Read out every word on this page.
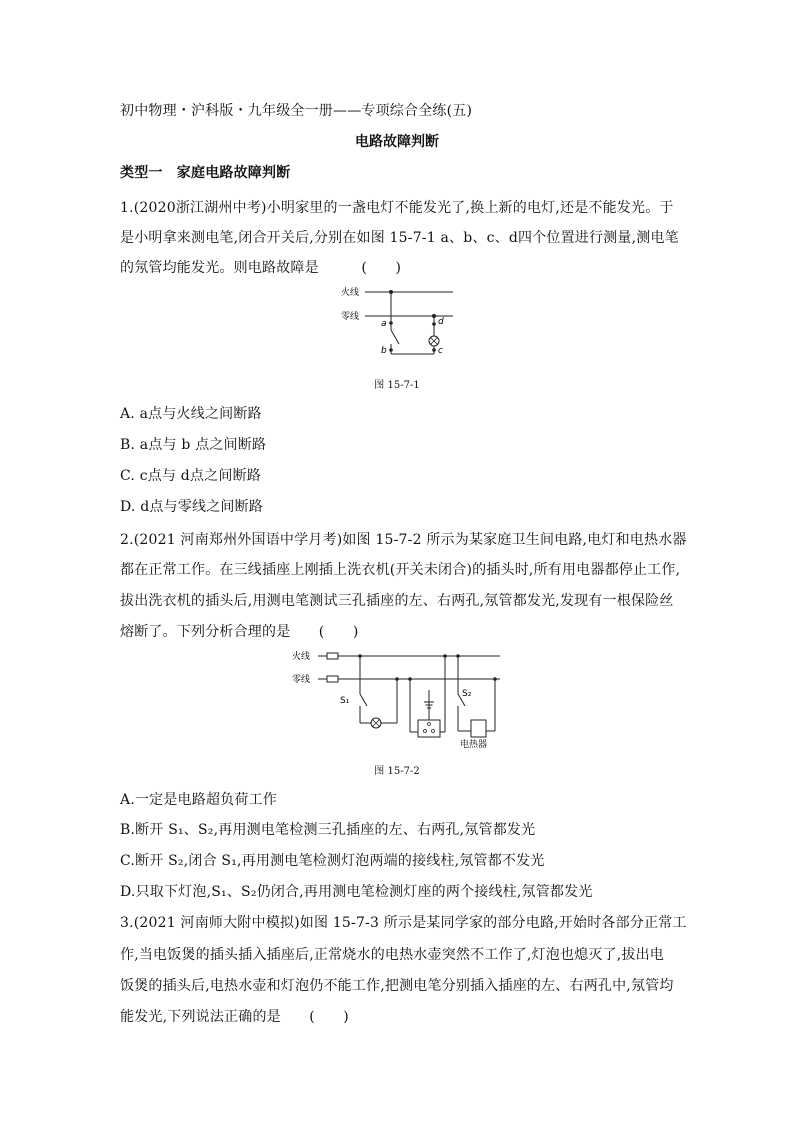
初中物理・沪科版・九年级全一册——专项综合全练(五)
电路故障判断
类型一　家庭电路故障判断
1.(2020浙江湖州中考)小明家里的一盏电灯不能发光了,换上新的电灯,还是不能发光。于
是小明拿来测电笔,闭合开关后,分别在如图 15-7-1 a、b、c、d四个位置进行测量,测电笔
的氖管均能发光。则电路故障是　　　(　　)
火线
零线
a
b
d
c
图 15-7-1
A. a点与火线之间断路
B. a点与 b 点之间断路
C. c点与 d点之间断路
D. d点与零线之间断路
2.(2021 河南郑州外国语中学月考)如图 15-7-2 所示为某家庭卫生间电路,电灯和电热水器
都在正常工作。在三线插座上刚插上洗衣机(开关未闭合)的插头时,所有用电器都停止工作,
拔出洗衣机的插头后,用测电笔测试三孔插座的左、右两孔,氖管都发光,发现有一根保险丝
熔断了。下列分析合理的是　　(　　)
火线
零线
S₁
S₂
电热器
图 15-7-2
A.一定是电路超负荷工作
B.断开 S₁、S₂,再用测电笔检测三孔插座的左、右两孔,氖管都发光
C.断开 S₂,闭合 S₁,再用测电笔检测灯泡两端的接线柱,氖管都不发光
D.只取下灯泡,S₁、S₂仍闭合,再用测电笔检测灯座的两个接线柱,氖管都发光
3.(2021 河南师大附中模拟)如图 15-7-3 所示是某同学家的部分电路,开始时各部分正常工
作,当电饭煲的插头插入插座后,正常烧水的电热水壶突然不工作了,灯泡也熄灭了,拔出电
饭煲的插头后,电热水壶和灯泡仍不能工作,把测电笔分别插入插座的左、右两孔中,氖管均
能发光,下列说法正确的是　　(　　)
